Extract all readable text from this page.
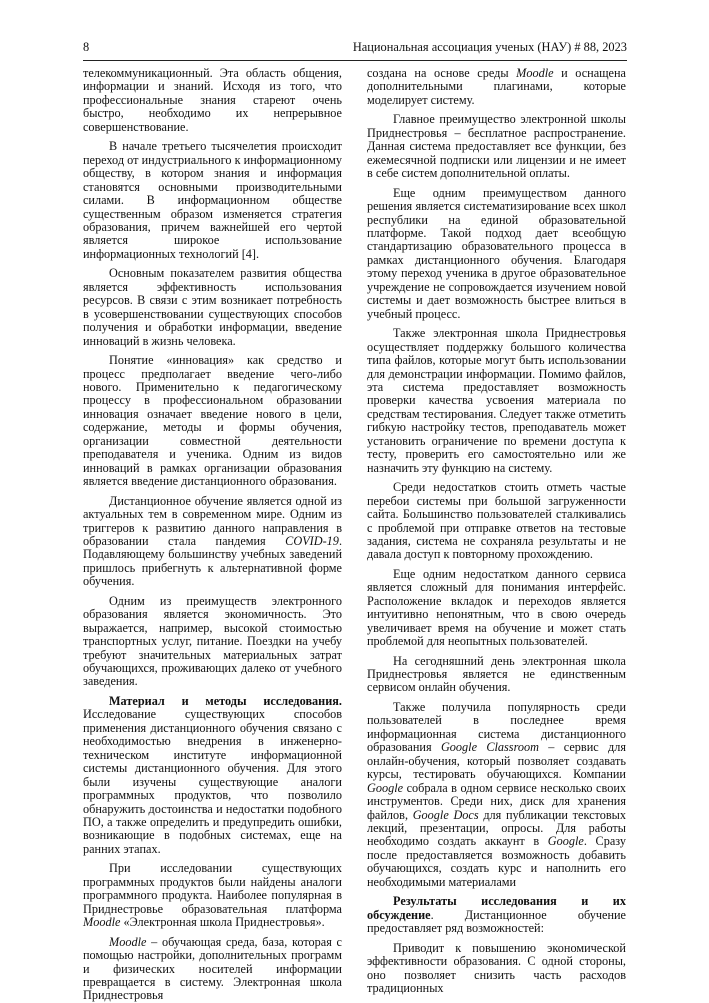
8	Национальная ассоциация ученых (НАУ) # 88, 2023

телекоммуникационный. Эта область общения, информации и знаний. Исходя из того, что профессиональные знания стареют очень быстро, необходимо их непрерывное совершенствование.

В начале третьего тысячелетия происходит переход от индустриального к информационному обществу, в котором знания и информация становятся основными производительными силами. В информационном обществе существенным образом изменяется стратегия образования, причем важнейшей его чертой является широкое использование информационных технологий [4].

Основным показателем развития общества является эффективность использования ресурсов. В связи с этим возникает потребность в усовершенствовании существующих способов получения и обработки информации, введение инноваций в жизнь человека.

Понятие «инновация» как средство и процесс предполагает введение чего-либо нового. Применительно к педагогическому процессу в профессиональном образовании инновация означает введение нового в цели, содержание, методы и формы обучения, организации совместной деятельности преподавателя и ученика. Одним из видов инноваций в рамках организации образования является введение дистанционного образования.

Дистанционное обучение является одной из актуальных тем в современном мире. Одним из триггеров к развитию данного направления в образовании стала пандемия COVID-19. Подавляющему большинству учебных заведений пришлось прибегнуть к альтернативной форме обучения.

Одним из преимуществ электронного образования является экономичность. Это выражается, например, высокой стоимостью транспортных услуг, питание. Поездки на учебу требуют значительных материальных затрат обучающихся, проживающих далеко от учебного заведения.

Материал и методы исследования. Исследование существующих способов применения дистанционного обучения связано с необходимостью внедрения в инженерно-техническом институте информационной системы дистанционного обучения. Для этого были изучены существующие аналоги программных продуктов, что позволило обнаружить достоинства и недостатки подобного ПО, а также определить и предупредить ошибки, возникающие в подобных системах, еще на ранних этапах.

При исследовании существующих программных продуктов были найдены аналоги программного продукта. Наиболее популярная в Приднестровье образовательная платформа Moodle «Электронная школа Приднестровья».

Moodle – обучающая среда, база, которая с помощью настройки, дополнительных программ и физических носителей информации превращается в систему. Электронная школа Приднестровья

создана на основе среды Moodle и оснащена дополнительными плагинами, которые моделирует систему.

Главное преимущество электронной школы Приднестровья – бесплатное распространение. Данная система предоставляет все функции, без ежемесячной подписки или лицензии и не имеет в себе систем дополнительной оплаты.

Еще одним преимуществом данного решения является систематизирование всех школ республики на единой образовательной платформе. Такой подход дает всеобщую стандартизацию образовательного процесса в рамках дистанционного обучения. Благодаря этому переход ученика в другое образовательное учреждение не сопровождается изучением новой системы и дает возможность быстрее влиться в учебный процесс.

Также электронная школа Приднестровья осуществляет поддержку большого количества типа файлов, которые могут быть использовании для демонстрации информации. Помимо файлов, эта система предоставляет возможность проверки качества усвоения материала по средствам тестирования. Следует также отметить гибкую настройку тестов, преподаватель может установить ограничение по времени доступа к тесту, проверить его самостоятельно или же назначить эту функцию на систему.

Среди недостатков стоить отметь частые перебои системы при большой загруженности сайта. Большинство пользователей сталкивались с проблемой при отправке ответов на тестовые задания, система не сохраняла результаты и не давала доступ к повторному прохождению.

Еще одним недостатком данного сервиса является сложный для понимания интерфейс. Расположение вкладок и переходов является интуитивно непонятным, что в свою очередь увеличивает время на обучение и может стать проблемой для неопытных пользователей.

На сегодняшний день электронная школа Приднестровья является не единственным сервисом онлайн обучения.

Также получила популярность среди пользователей в последнее время информационная система дистанционного образования Google Classroom – сервис для онлайн-обучения, который позволяет создавать курсы, тестировать обучающихся. Компании Google собрала в одном сервисе несколько своих инструментов. Среди них, диск для хранения файлов, Google Docs для публикации текстовых лекций, презентации, опросы. Для работы необходимо создать аккаунт в Google. Сразу после предоставляется возможность добавить обучающихся, создать курс и наполнить его необходимыми материалами

Результаты исследования и их обсуждение. Дистанционное обучение предоставляет ряд возможностей:

Приводит к повышению экономической эффективности образования. С одной стороны, оно позволяет снизить часть расходов традиционных
